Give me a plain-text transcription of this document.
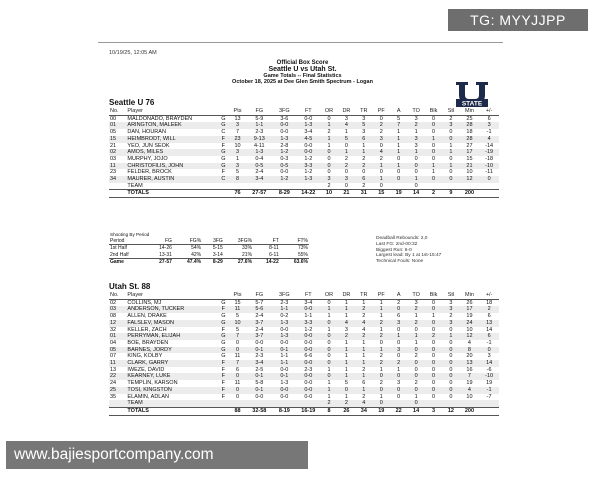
10/19/25, 12:05 AM
Official Box Score
Seattle U vs Utah St.
Game Totals -- Final Statistics
October 18, 2025 at Dee Glen Smith Spectrum - Logan
STATE
Seattle U 76
No.	Player		Pts	FG	3FG	FT	OR	DR	TR	PF	A	TO	Blk	Stl	Min	+/-
00	MALDONADO, BRAYDEN	G	13	5-9	3-6	0-0	0	3	3	0	5	3	0	2	25	6
01	ARINGTON, MALEEK	G	3	1-1	0-0	1-3	1	4	5	2	7	2	0	3	28	3
05	DAN, HOURAN	C	7	2-3	0-0	3-4	2	1	3	2	1	1	0	0	18	-1
15	HEIMBRODT, WILL	F	23	9-13	1-3	4-5	1	5	6	3	1	3	1	0	28	4
21	YEO, JUN SEOK	F	10	4-11	2-8	0-0	1	0	1	0	1	3	0	1	27	-14
02	AMOS, MILES	G	3	1-3	1-2	0-0	0	1	1	4	1	1	0	1	17	-19
03	MURPHY, JOJO	G	1	0-4	0-3	1-2	0	2	2	2	0	0	0	0	15	-18
11	CHRISTOFILIS, JOHN	G	3	0-5	0-5	3-3	0	2	2	1	1	0	1	1	21	-10
23	FELDER, BROCK	F	5	2-4	0-0	1-2	0	0	0	0	0	0	1	0	10	-11
34	MAURER, AUSTIN	C	8	3-4	1-2	1-3	3	3	6	1	0	1	0	0	12	0
	TEAM						2	0	2	0		0				
	TOTALS		76	27-57	8-29	14-22	10	21	31	15	19	14	2	9	200	
Shooting By Period						
Period	FG	FG%	3FG	3FG%	FT	FT%
1st Half	14-26	54%	5-15	33%	8-11	73%
2nd Half	13-31	42%	3-14	21%	6-11	55%
Game	27-57	47.4%	8-29	27.6%	14-22	63.6%
Deadball Rebounds: 2,0
Last FG: 2nd-00:32
Biggest Run: 6-0
Largest lead: By 1 at 1st-15:47
Technical Fouls: None
Utah St. 88
No.	Player		Pts	FG	3FG	FT	OR	DR	TR	PF	A	TO	Blk	Stl	Min	+/-
02	COLLINS, MJ	G	15	5-7	2-3	3-4	0	1	1	1	2	3	0	3	26	18
03	ANDERSON, TUCKER	F	11	5-6	1-1	0-0	1	1	2	1	0	2	0	3	17	2
08	ALLEN, DRAKE	G	5	2-4	0-2	1-1	1	1	2	1	6	1	1	2	19	6
12	FALSLEV, MASON	G	10	3-7	1-3	3-3	0	4	4	2	3	2	0	3	24	13
32	KELLER, ZACH	F	5	2-4	0-0	1-2	1	3	4	1	0	0	0	0	10	14
01	PERRYMAN, ELIJAH	G	7	3-7	1-3	0-0	0	2	2	2	1	1	2	1	12	6
04	BOE, BRAYDEN	G	0	0-0	0-0	0-0	0	1	1	0	0	1	0	0	4	-1
05	BARNES, JORDY	G	0	0-1	0-1	0-0	0	1	1	1	3	0	0	0	8	0
07	KING, KOLBY	G	11	2-3	1-1	6-6	0	1	1	2	0	2	0	0	20	3
11	CLARK, GARRY	F	7	3-4	1-1	0-0	0	1	1	2	2	0	0	0	13	14
13	IWEZE, DAVID	F	6	2-5	0-0	2-3	1	1	2	1	1	0	0	0	16	-6
22	KEARNEY, LUKE	F	0	0-1	0-1	0-0	0	1	1	0	0	0	0	0	7	-10
24	TEMPLIN, KARSON	F	11	5-8	1-3	0-0	1	5	6	2	3	2	0	0	19	19
25	TOSI, KINGSTON	F	0	0-1	0-0	0-0	1	0	1	0	0	0	0	0	4	-1
35	ELAMIN, ADLAN	F	0	0-0	0-0	0-0	1	1	2	1	0	1	0	0	10	-7
	TEAM						2	2	4	0		0				
	TOTALS		88	32-58	8-19	16-19	8	26	34	19	22	14	3	12	200	
TG: MYYJJPP
www.bajiesportcompany.com
